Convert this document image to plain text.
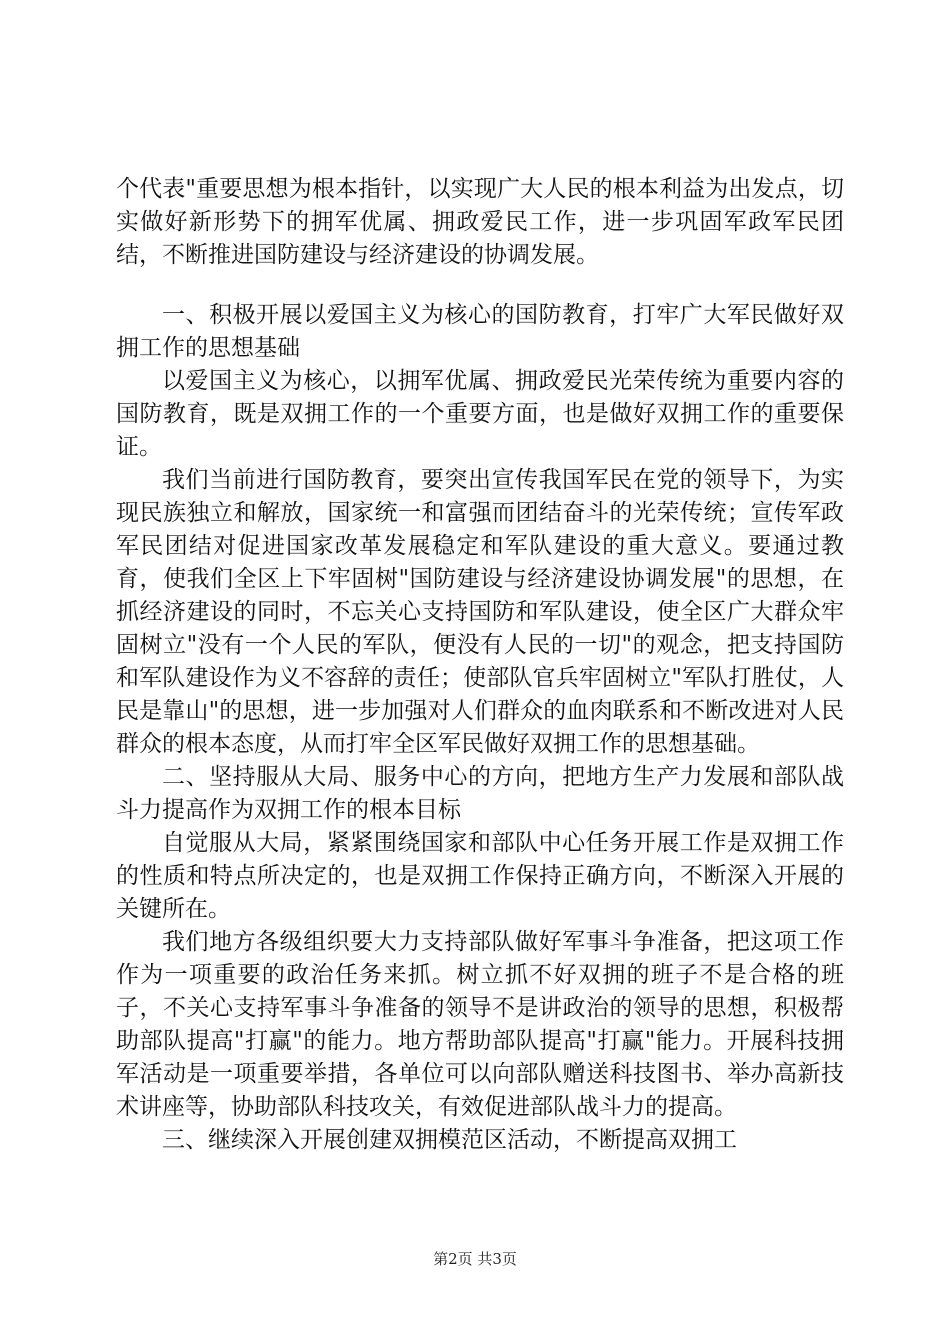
个代表"重要思想为根本指针，以实现广大人民的根本利益为出发点，切实做好新形势下的拥军优属、拥政爱民工作，进一步巩固军政军民团结，不断推进国防建设与经济建设的协调发展。

一、积极开展以爱国主义为核心的国防教育，打牢广大军民做好双拥工作的思想基础

以爱国主义为核心，以拥军优属、拥政爱民光荣传统为重要内容的国防教育，既是双拥工作的一个重要方面，也是做好双拥工作的重要保证。

我们当前进行国防教育，要突出宣传我国军民在党的领导下，为实现民族独立和解放，国家统一和富强而团结奋斗的光荣传统；宣传军政军民团结对促进国家改革发展稳定和军队建设的重大意义。要通过教育，使我们全区上下牢固树"国防建设与经济建设协调发展"的思想，在抓经济建设的同时，不忘关心支持国防和军队建设，使全区广大群众牢固树立"没有一个人民的军队，便没有人民的一切"的观念，把支持国防和军队建设作为义不容辞的责任；使部队官兵牢固树立"军队打胜仗，人民是靠山"的思想，进一步加强对人们群众的血肉联系和不断改进对人民群众的根本态度，从而打牢全区军民做好双拥工作的思想基础。

二、坚持服从大局、服务中心的方向，把地方生产力发展和部队战斗力提高作为双拥工作的根本目标

自觉服从大局，紧紧围绕国家和部队中心任务开展工作是双拥工作的性质和特点所决定的，也是双拥工作保持正确方向，不断深入开展的关键所在。

我们地方各级组织要大力支持部队做好军事斗争准备，把这项工作作为一项重要的政治任务来抓。树立抓不好双拥的班子不是合格的班子，不关心支持军事斗争准备的领导不是讲政治的领导的思想，积极帮助部队提高"打赢"的能力。地方帮助部队提高"打赢"能力。开展科技拥军活动是一项重要举措，各单位可以向部队赠送科技图书、举办高新技术讲座等，协助部队科技攻关，有效促进部队战斗力的提高。

三、继续深入开展创建双拥模范区活动，不断提高双拥工

第2页 共3页
